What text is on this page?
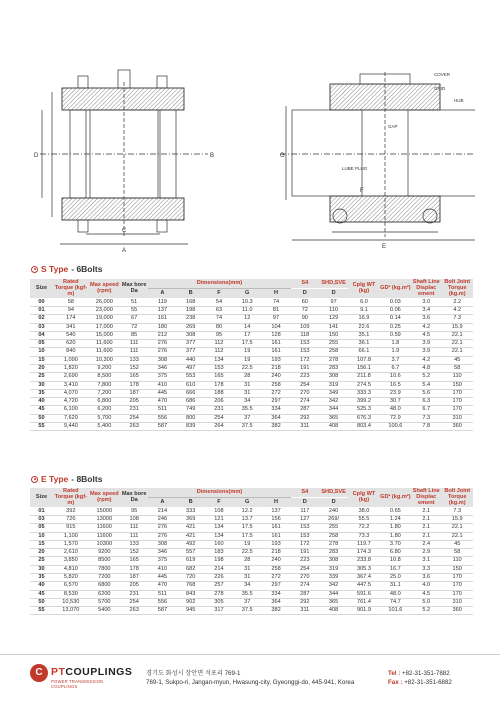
A
C
D	B
COVER
GRID
HUB
GAP
LUBE PLUG
E
F
G
S Type - 6Bolts
Size	Rated Torque (kgf-m)	Max speed (rpm)	Max bore Da	Dimensions(mm)					S4	SHD,SVE	Cplg WT (kg)	GD² (kg.m²)	Shaft Line Displac ement	Bolt Joint Torque (kg.m)
				A	B	F	G	H	D	D				
00	58	26,000	51	119	168	54	10.3	74	60	97	6.0	0.03	3.0	2.2
01	94	23,000	55	137	198	63	11.0	81	72	110	9.1	0.06	3.4	4.2
02	174	19,000	67	161	238	74	12	97	90	129	16.9	0.14	3.6	7.3
03	341	17,000	72	180	269	80	14	104	109	141	22.6	0.25	4.2	15.9
04	540	15,000	85	212	308	95	17	128	118	150	35.1	0.59	4.5	22.1
05	620	11,600	111	276	377	112	17.5	161	153	255	36.1	1.8	3.9	22.1
10	840	11,600	111	276	377	112	19	161	153	258	66.1	1.9	3.9	22.1
15	1,090	10,300	133	308	440	134	19	193	172	278	107.8	3.7	4.2	45
20	1,820	9,200	152	346	497	153	22.5	218	191	283	156.1	6.7	4.8	58
25	2,690	8,500	165	375	553	165	28	240	223	308	211.8	10.6	5.2	110
30	3,410	7,800	178	410	610	178	31	258	254	319	274.5	16.5	5.4	150
35	4,070	7,200	187	445	666	188	31	272	270	349	333.3	23.9	5.6	170
40	4,720	6,800	205	470	686	206	34	297	274	342	399.2	30.7	6.3	170
45	6,100	6,200	231	511	749	231	35.5	334	287	344	525.3	48.0	6.7	170
50	7,620	5,700	254	556	800	254	37	364	292	365	676.3	72.9	7.3	310
55	9,440	5,400	263	587	839	264	37.5	382	311	408	803.4	100.6	7.8	360
E Type - 8Bolts
Size	Rated Torque (kgf-m)	Max speed (rpm)	Max bore Da	Dimensions(mm)					S4	SHD,SVE	Cplg WT (kg)	GD² (kg.m²)	Shaft Line Displac ement	Bolt Joint Torque (kg.m)
				A	B	F	G	H	D	D				
01	392	15000	95	214	333	108	12.2	137	117	240	38.0	0.65	2.1	7.3
03	726	13000	108	246	369	121	13.7	156	127	269/	55.5	1.24	2.1	15.9
05	915	11600	111	276	421	134	17.5	161	153	255	72.2	1.80	2.1	22.1
10	1,100	11600	111	276	421	134	17.5	161	153	258	73.3	1.80	2.1	22.1
15	1,570	10300	133	308	492	160	19	193	172	278	119.7	3.70	2.4	45
20	2,610	9200	152	346	557	183	22.5	218	191	283	174.3	6.80	2.9	58
25	3,850	8500	165	375	619	198	28	240	223	308	233.8	10.8	3.1	110
30	4,810	7800	178	410	682	214	31	258	254	319	305.3	16.7	3.3	150
35	5,820	7200	187	445	720	226	31	272	270	339	367.4	25.0	3.6	170
40	6,570	6800	205	470	768	257	34	297	274	342	447.5	31.1	4.0	170
45	8,530	6200	231	511	843	278	35.5	334	287	344	591.6	48.0	4.5	170
50	10,530	5700	254	556	902	305	37	364	292	365	761.4	74.7	5.0	310
55	13,070	5400	263	587	945	317	37.5	382	311	408	901.9	101.6	5.2	360
C PTCOUPLINGS
POWER TRANSMISSION COUPLINGS
경기도 화성시 장안면 석포리 769-1
769-1, Sukpo-ri, Jangan-myun, Hwasung-city, Gyeonggi-do, 445-941, Korea
Tel : +82-31-351-7882
Fax : +82-31-351-6882
